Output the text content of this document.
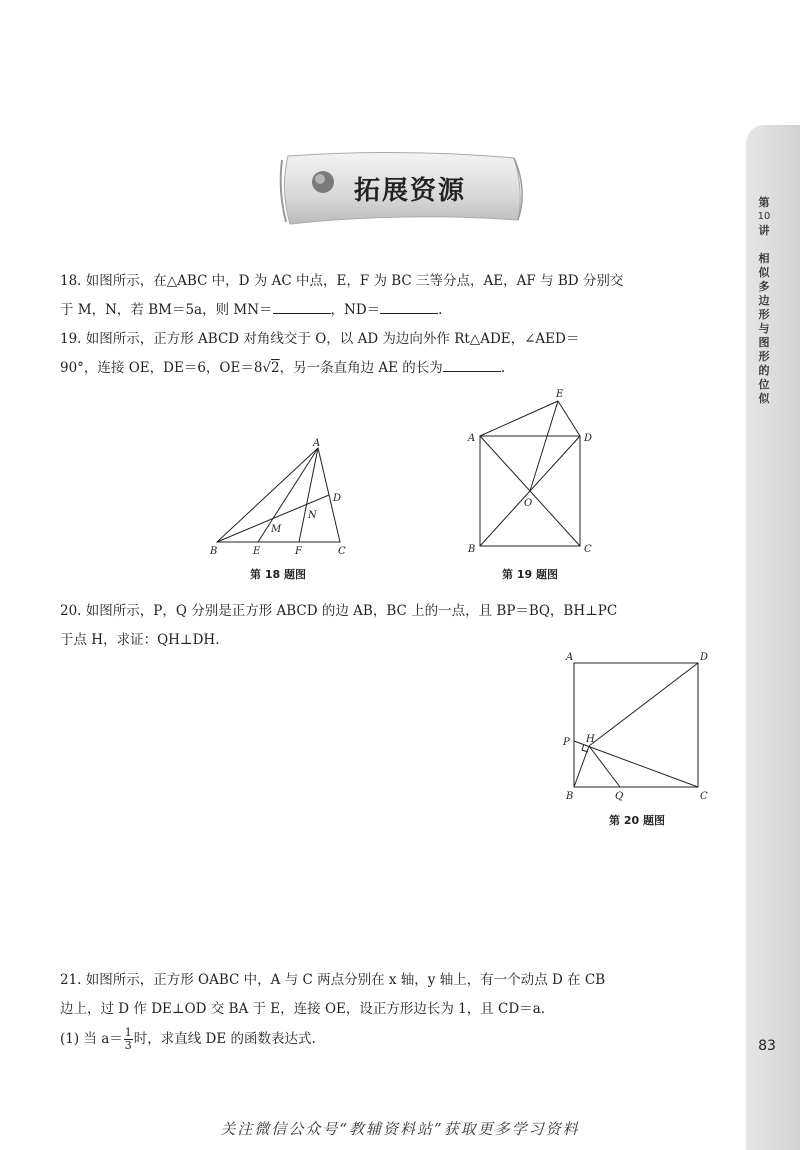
拓展资源	第
10
讲
相似多边形与图形的位似
83

18. 如图所示，在△ABC 中，D 为 AC 中点，E，F 为 BC 三等分点，AE，AF 与 BD 分别交
于 M，N，若 BM＝5a，则 MN＝	，ND＝	.

19. 如图所示，正方形 ABCD 对角线交于 O，以 AD 为边向外作 Rt△ADE，∠AED＝
90°，连接 OE，DE＝6，OE＝8√2，另一条直角边 AE 的长为	.

A
B	C
D
E	F
M
N
第 18 题图
E
A	D
O
B	C
第 19 题图

20. 如图所示，P，Q 分别是正方形 ABCD 的边 AB，BC 上的一点，且 BP＝BQ，BH⊥PC
于点 H，求证：QH⊥DH.

A	D
P H
B	Q	C
第 20 题图

21. 如图所示，正方形 OABC 中，A 与 C 两点分别在 x 轴，y 轴上，有一个动点 D 在 CB
边上，过 D 作 DE⊥OD 交 BA 于 E，连接 OE，设正方形边长为 1，且 CD＝a.

(1) 当 $a= \frac{1}{3}$ 时，求直线 DE 的函数表达式.

关注微信公众号“教辅资料站”获取更多学习资料
